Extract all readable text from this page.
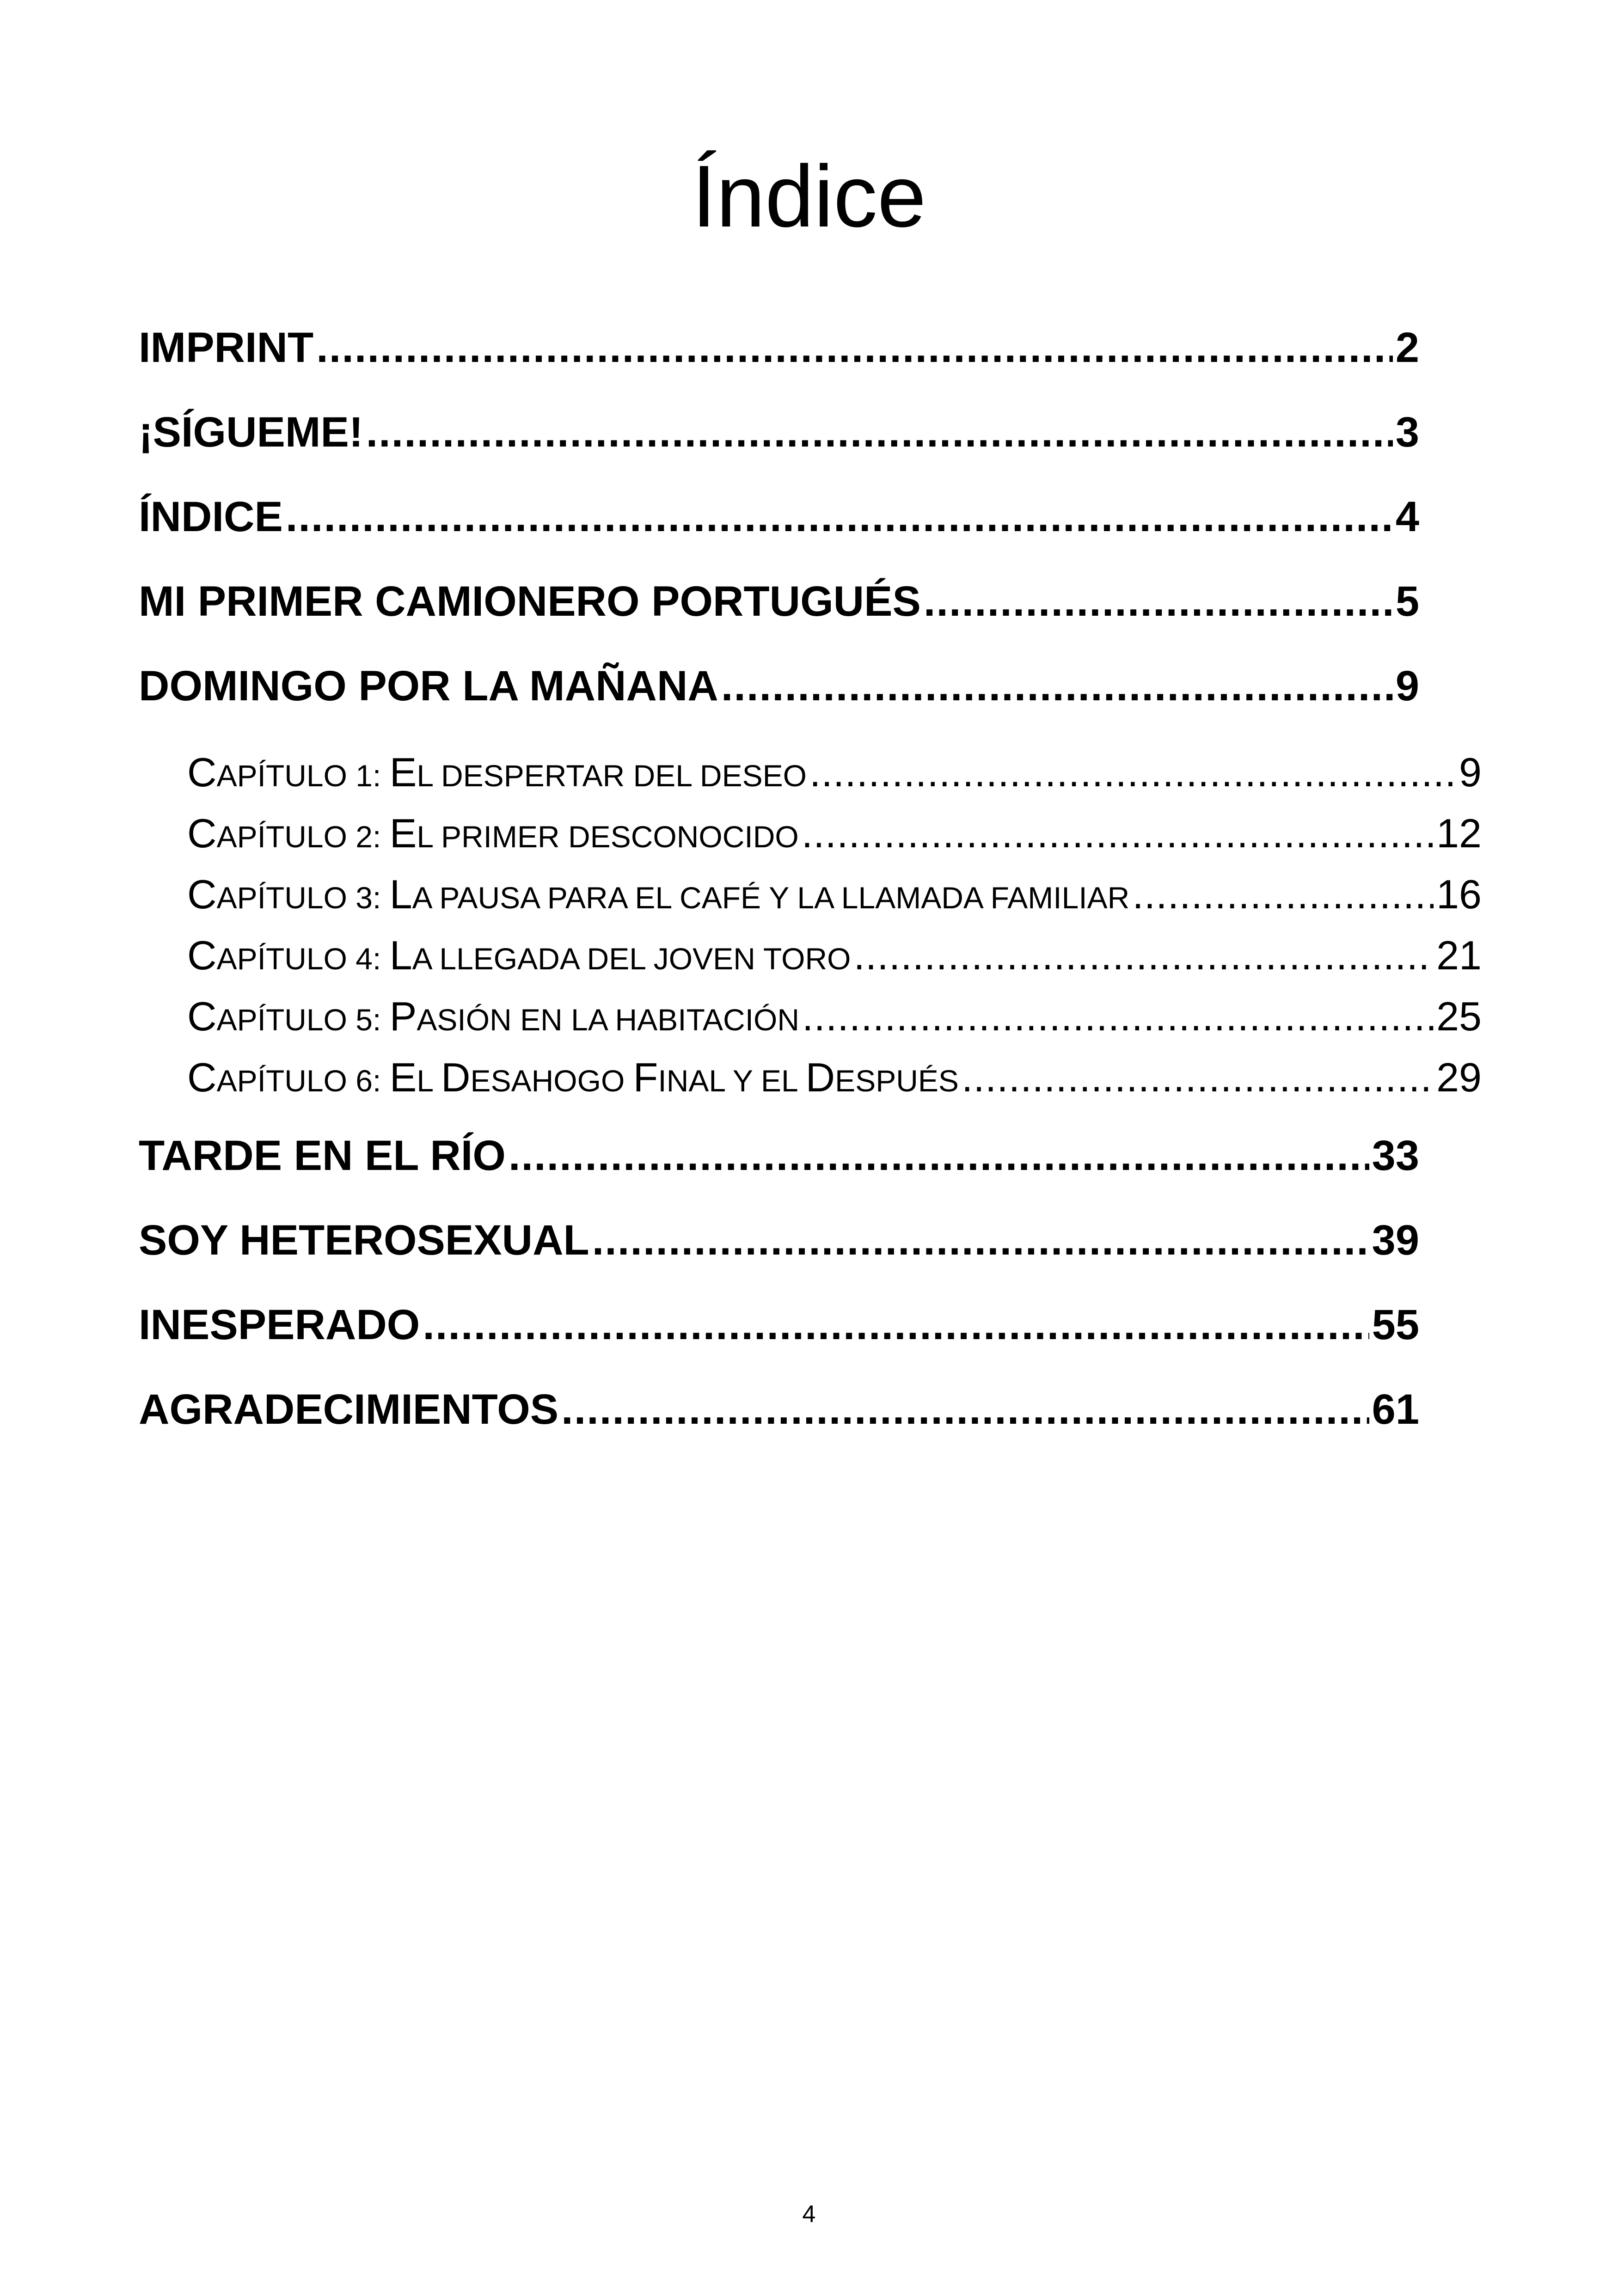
Índice
IMPRINT .....	2
¡SÍGUEME! .....	3
ÍNDICE .....	4
MI PRIMER CAMIONERO PORTUGUÉS .....	5
DOMINGO POR LA MAÑANA .....	9
CAPÍTULO 1: EL DESPERTAR DEL DESEO .....	9
CAPÍTULO 2: EL PRIMER DESCONOCIDO .....	12
CAPÍTULO 3: LA PAUSA PARA EL CAFÉ Y LA LLAMADA FAMILIAR .....	16
CAPÍTULO 4: LA LLEGADA DEL JOVEN TORO .....	21
CAPÍTULO 5: PASIÓN EN LA HABITACIÓN .....	25
CAPÍTULO 6: EL DESAHOGO FINAL Y EL DESPUÉS .....	29
TARDE EN EL RÍO .....	33
SOY HETEROSEXUAL .....	39
INESPERADO .....	55
AGRADECIMIENTOS .....	61
4
